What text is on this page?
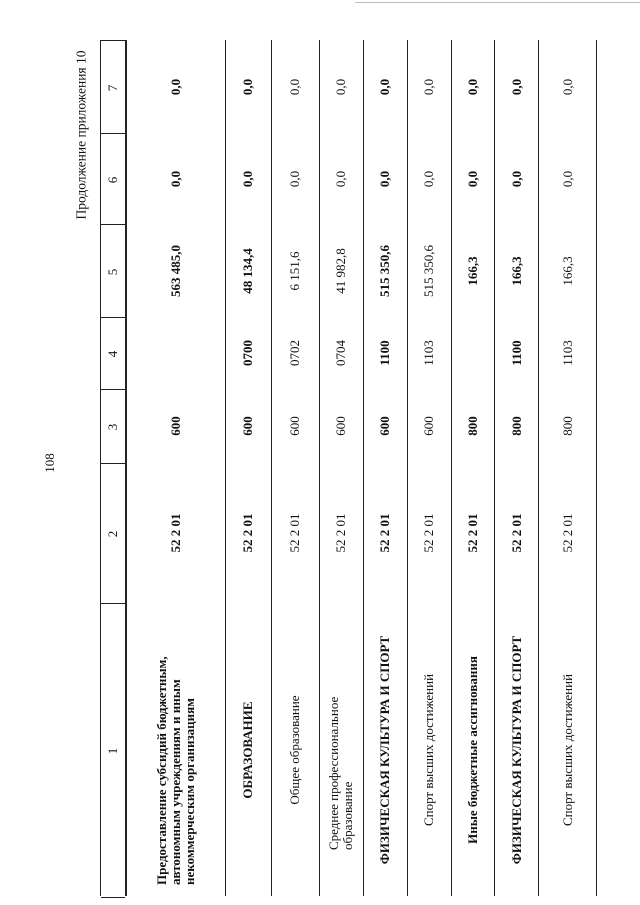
108
Продолжение приложения 10 7
6
5
4
3
2
1
0,0
0,0
563 485,0
600
52 2 01
Предоставление субсидий бюджетным, автономным учреждениям и иным некоммерческим организациям
0,0
0,0
48 134,4
0700
600
52 2 01
ОБРАЗОВАНИЕ
0,0
0,0
6 151,6
0702
600
52 2 01
Общее образование
0,0
0,0
41 982,8
0704
600
52 2 01
Среднее профессиональное образование
0,0
0,0
515 350,6
1100
600
52 2 01
ФИЗИЧЕСКАЯ КУЛЬТУРА И СПОРТ
0,0
0,0
515 350,6
1103
600
52 2 01
Спорт высших достижений
0,0
0,0
166,3
800
52 2 01
Иные бюджетные ассигнования
0,0
0,0
166,3
1100
800
52 2 01
ФИЗИЧЕСКАЯ КУЛЬТУРА И СПОРТ
0,0
0,0
166,3
1103
800
52 2 01
Спорт высших достижений
